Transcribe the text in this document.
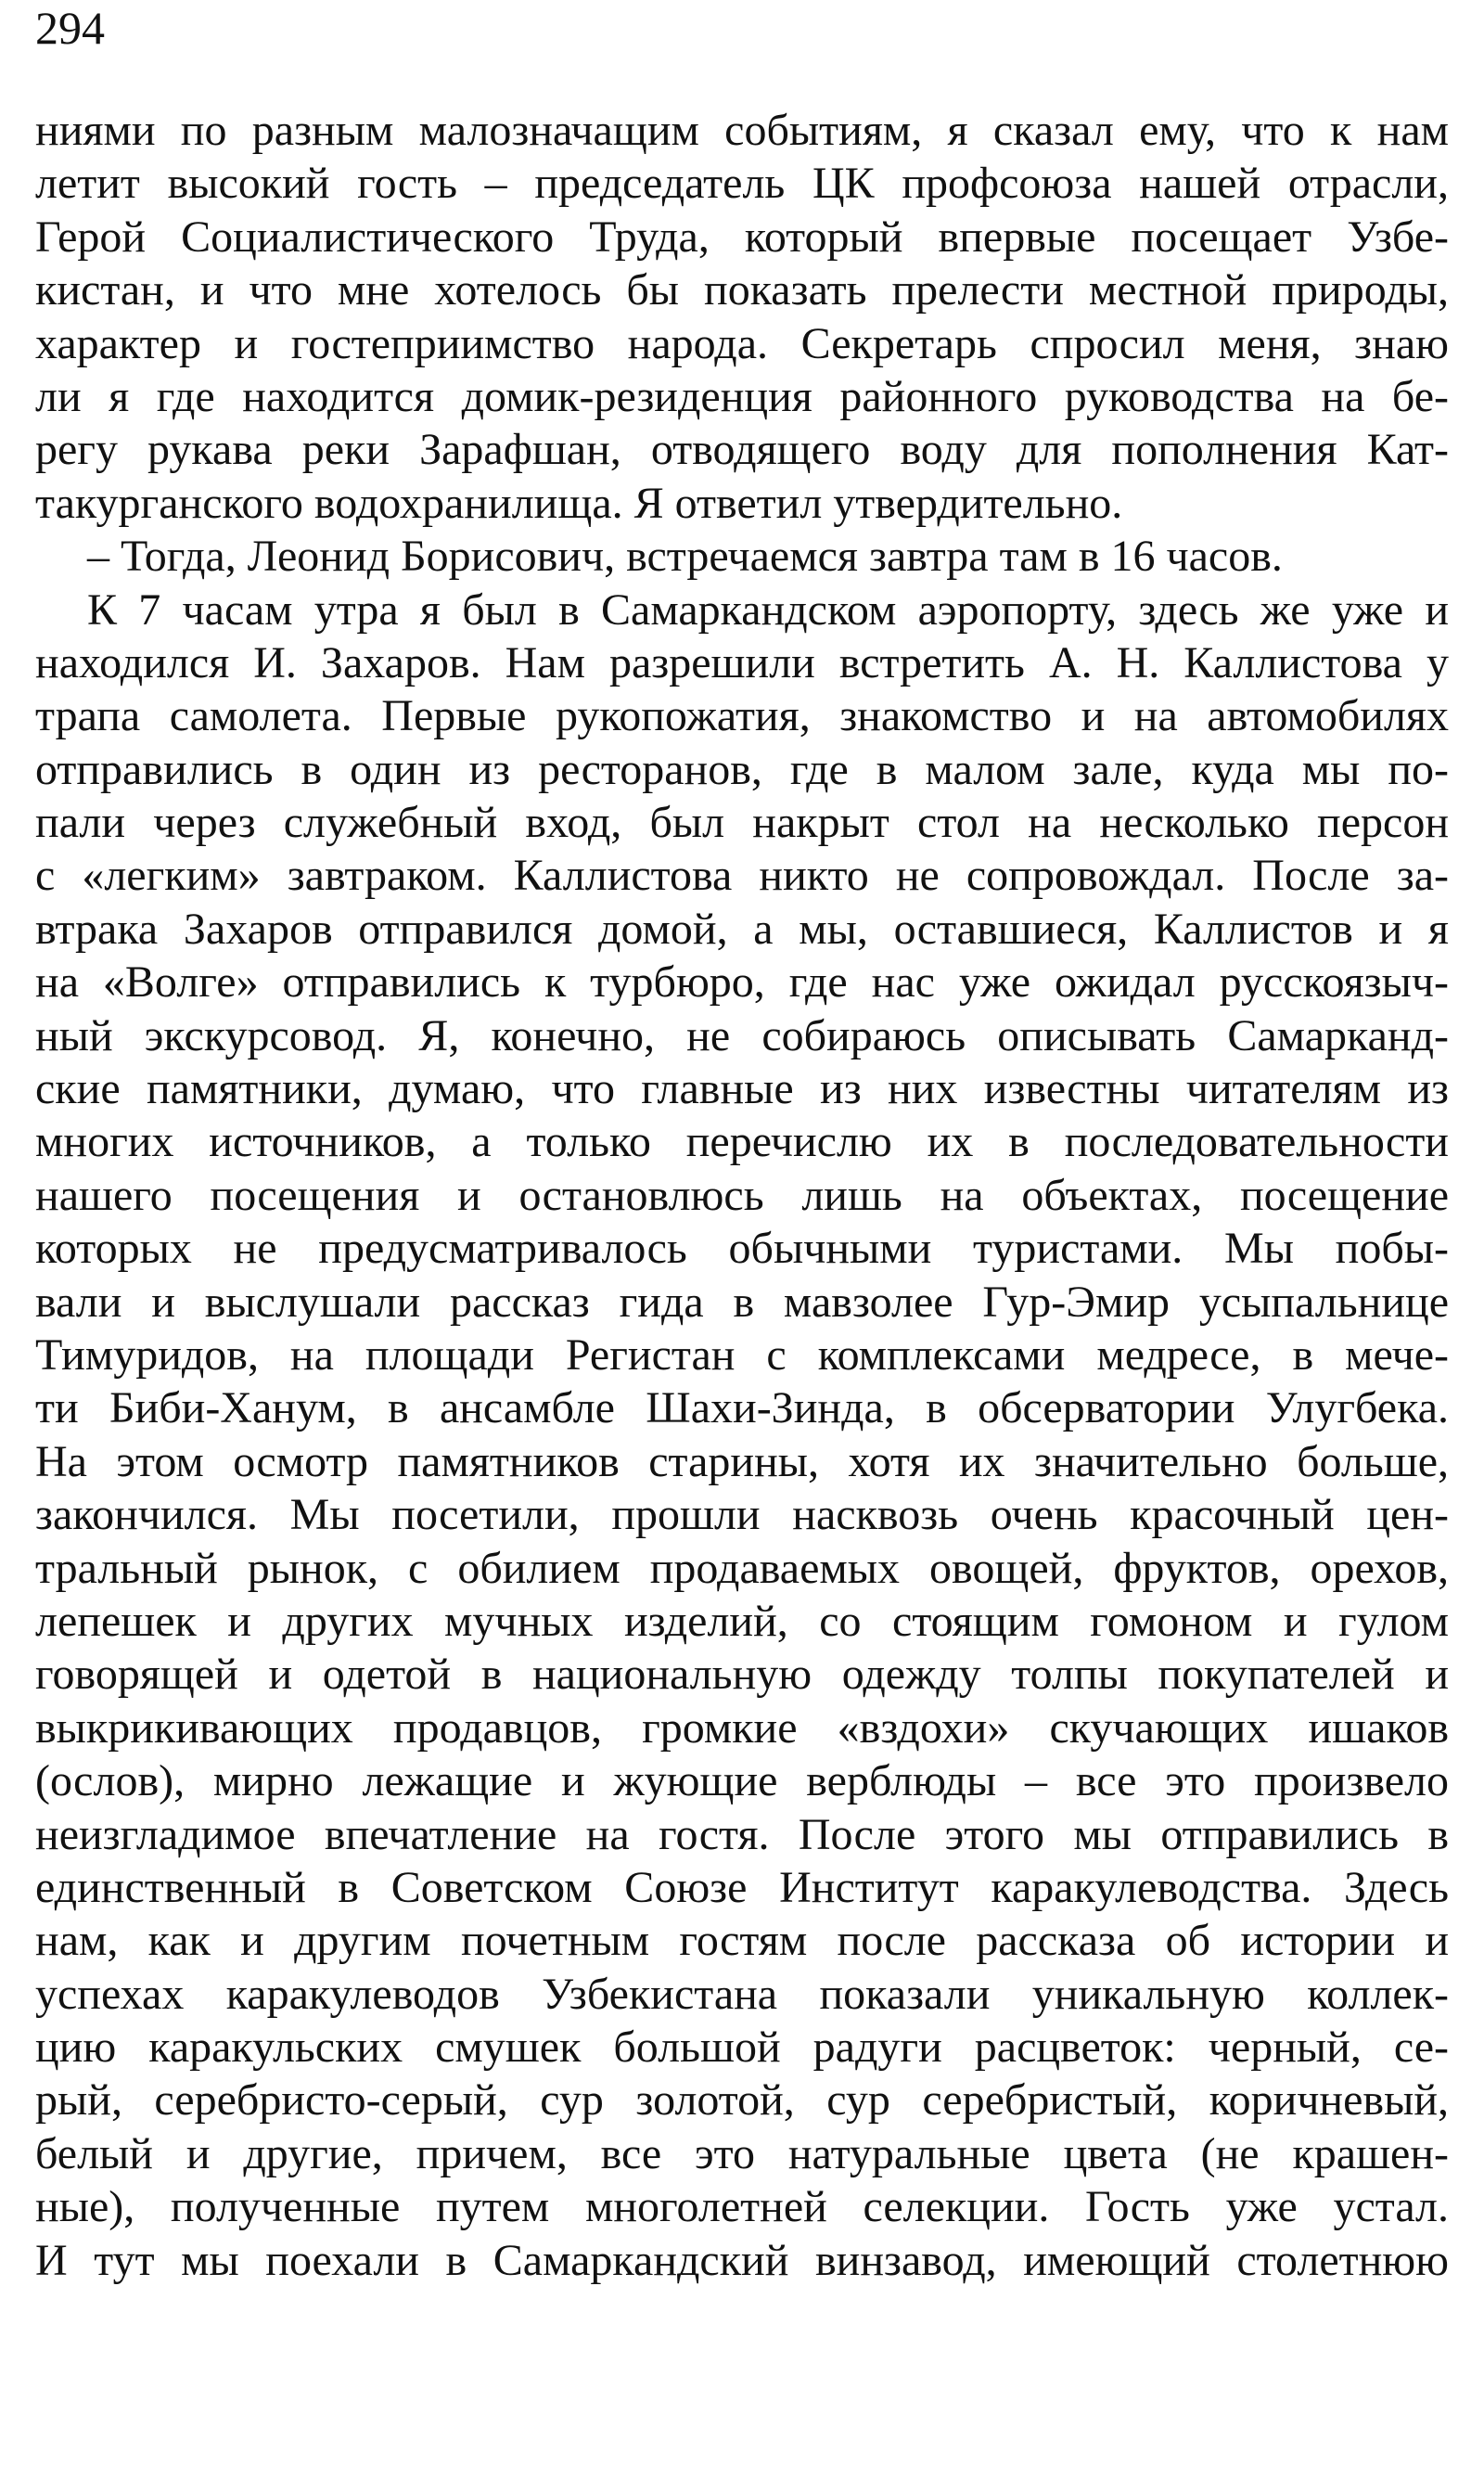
294
ниями по разным малозначащим событиям, я сказал ему, что к нам
летит высокий гость – председатель ЦК профсоюза нашей отрасли,
Герой Социалистического Труда, который впервые посещает Узбе-
кистан, и что мне хотелось бы показать прелести местной природы,
характер и гостеприимство народа. Секретарь спросил меня, знаю
ли я где находится домик-резиденция районного руководства на бе-
регу рукава реки Зарафшан, отводящего воду для пополнения Кат-
такурганского водохранилища. Я ответил утвердительно.
– Тогда, Леонид Борисович, встречаемся завтра там в 16 часов.
К 7 часам утра я был в Самаркандском аэропорту, здесь же уже и
находился И. Захаров. Нам разрешили встретить А. Н. Каллистова у
трапа самолета. Первые рукопожатия, знакомство и на автомобилях
отправились в один из ресторанов, где в малом зале, куда мы по-
пали через служебный вход, был накрыт стол на несколько персон
с «легким» завтраком. Каллистова никто не сопровождал. После за-
втрака Захаров отправился домой, а мы, оставшиеся, Каллистов и я
на «Волге» отправились к турбюро, где нас уже ожидал русскоязыч-
ный экскурсовод. Я, конечно, не собираюсь описывать Самарканд-
ские памятники, думаю, что главные из них известны читателям из
многих источников, а только перечислю их в последовательности
нашего посещения и остановлюсь лишь на объектах, посещение
которых не предусматривалось обычными туристами. Мы побы-
вали и выслушали рассказ гида в мавзолее Гур-Эмир усыпальнице
Тимуридов, на площади Регистан с комплексами медресе, в мече-
ти Биби-Ханум, в ансамбле Шахи-Зинда, в обсерватории Улугбека.
На этом осмотр памятников старины, хотя их значительно больше,
закончился. Мы посетили, прошли насквозь очень красочный цен-
тральный рынок, с обилием продаваемых овощей, фруктов, орехов,
лепешек и других мучных изделий, со стоящим гомоном и гулом
говорящей и одетой в национальную одежду толпы покупателей и
выкрикивающих продавцов, громкие «вздохи» скучающих ишаков
(ослов), мирно лежащие и жующие верблюды – все это произвело
неизгладимое впечатление на гостя. После этого мы отправились в
единственный в Советском Союзе Институт каракулеводства. Здесь
нам, как и другим почетным гостям после рассказа об истории и
успехах каракулеводов Узбекистана показали уникальную коллек-
цию каракульских смушек большой радуги расцветок: черный, се-
рый, серебристо-серый, сур золотой, сур серебристый, коричневый,
белый и другие, причем, все это натуральные цвета (не крашен-
ные), полученные путем многолетней селекции. Гость уже устал.
И тут мы поехали в Самаркандский винзавод, имеющий столетнюю
